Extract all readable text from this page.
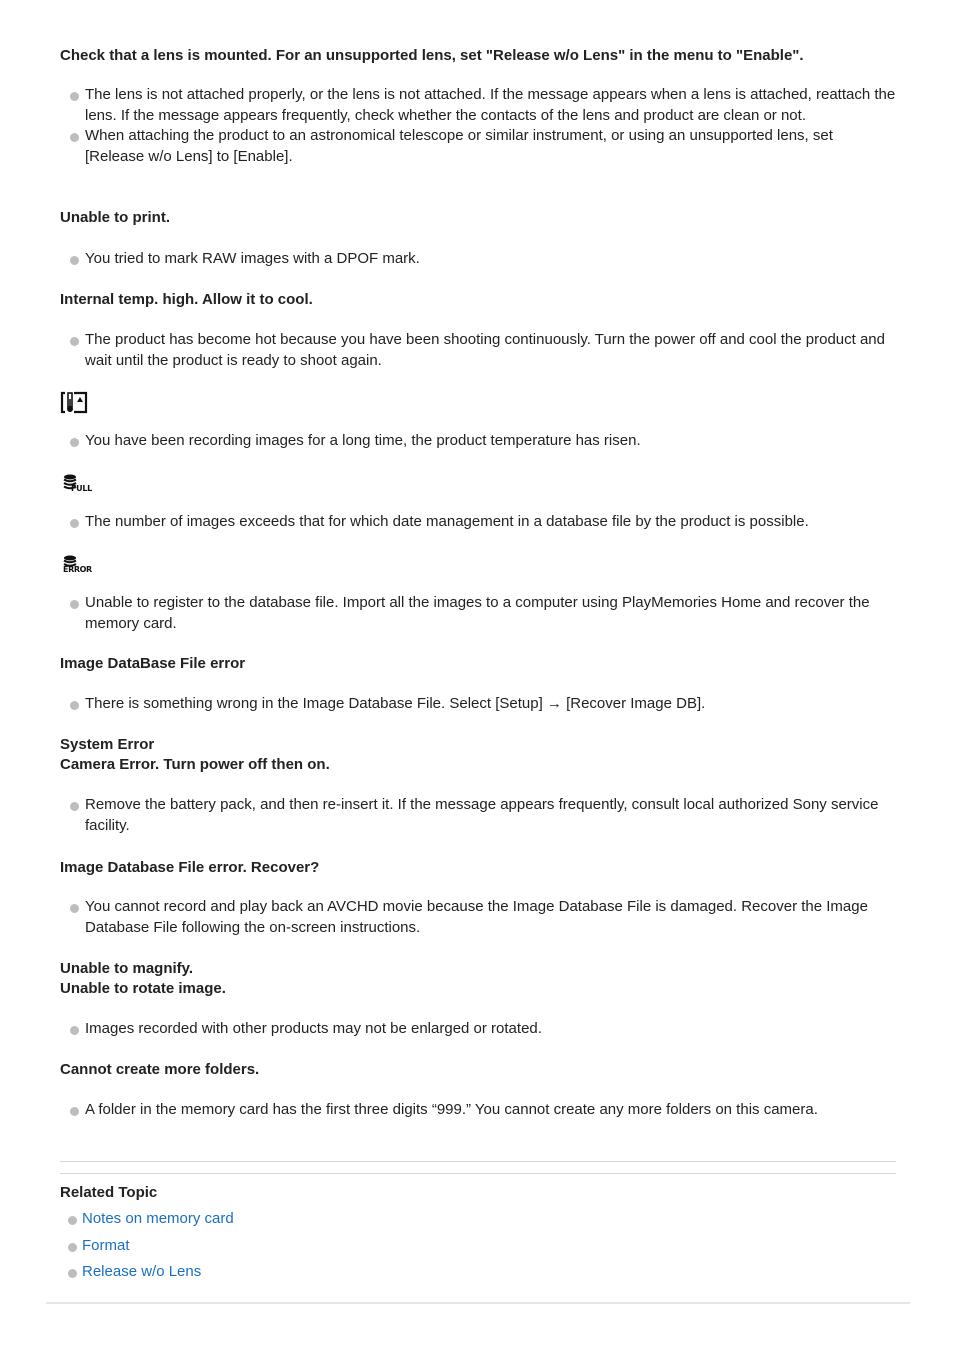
Check that a lens is mounted. For an unsupported lens, set "Release w/o Lens" in the menu to "Enable".

The lens is not attached properly, or the lens is not attached. If the message appears when a lens is attached, reattach the lens. If the message appears frequently, check whether the contacts of the lens and product are clean or not.
When attaching the product to an astronomical telescope or similar instrument, or using an unsupported lens, set [Release w/o Lens] to [Enable].

Unable to print.

You tried to mark RAW images with a DPOF mark.

Internal temp. high. Allow it to cool.

The product has become hot because you have been shooting continuously. Turn the power off and cool the product and wait until the product is ready to shoot again.
You have been recording images for a long time, the product temperature has risen.
FULL
The number of images exceeds that for which date management in a database file by the product is possible.
ERROR
Unable to register to the database file. Import all the images to a computer using PlayMemories Home and recover the memory card.

Image DataBase File error

There is something wrong in the Image Database File. Select [Setup] → [Recover Image DB].

System Error

Camera Error. Turn power off then on.

Remove the battery pack, and then re-insert it. If the message appears frequently, consult local authorized Sony service facility.

Image Database File error. Recover?

You cannot record and play back an AVCHD movie because the Image Database File is damaged. Recover the Image Database File following the on-screen instructions.

Unable to magnify.

Unable to rotate image.

Images recorded with other products may not be enlarged or rotated.

Cannot create more folders.

A folder in the memory card has the first three digits “999.” You cannot create any more folders on this camera.

Related Topic

Notes on memory card
Format
Release w/o Lens
